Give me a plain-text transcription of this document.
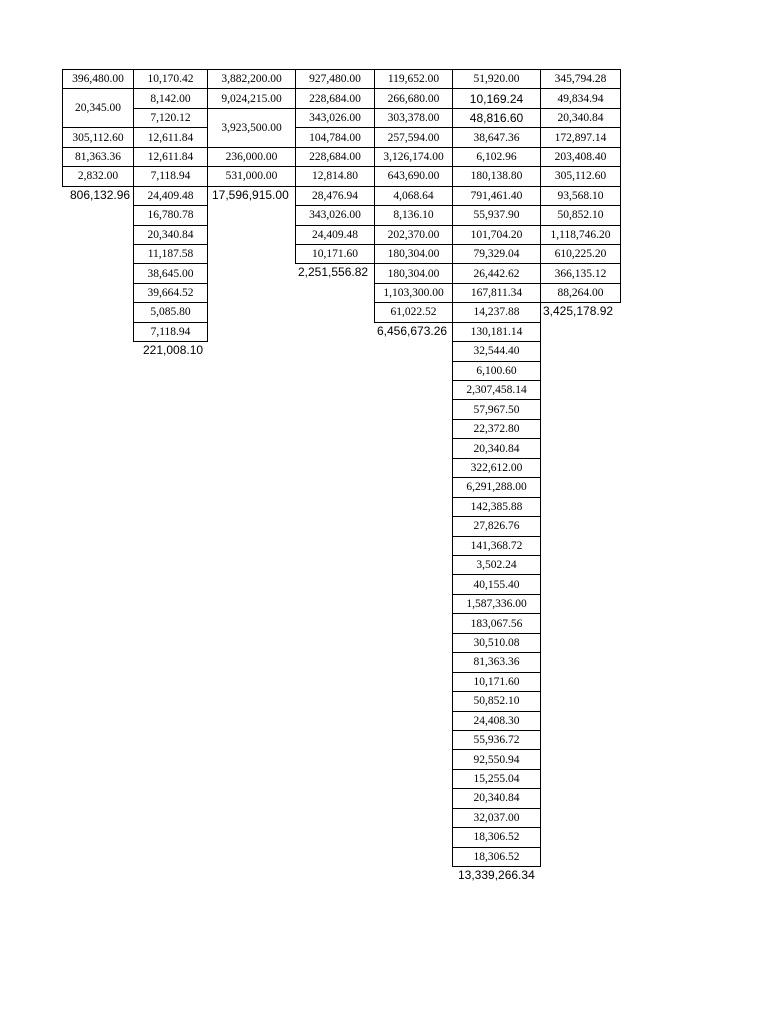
396,480.00
20,345.00
305,112.60
81,363.36
2,832.00
806,132.96
10,170.42
8,142.00
7,120.12
12,611.84
12,611.84
7,118.94
24,409.48
16,780.78
20,340.84
11,187.58
38,645.00
39,664.52
5,085.80
7,118.94
221,008.10
3,882,200.00
9,024,215.00
3,923,500.00
236,000.00
531,000.00
17,596,915.00
927,480.00
228,684.00
343,026.00
104,784.00
228,684.00
12,814.80
28,476.94
343,026.00
24,409.48
10,171.60
2,251,556.82
119,652.00
266,680.00
303,378.00
257,594.00
3,126,174.00
643,690.00
4,068.64
8,136.10
202,370.00
180,304.00
180,304.00
1,103,300.00
61,022.52
6,456,673.26
51,920.00
10,169.24
48,816.60
38,647.36
6,102.96
180,138.80
791,461.40
55,937.90
101,704.20
79,329.04
26,442.62
167,811.34
14,237.88
130,181.14
32,544.40
6,100.60
2,307,458.14
57,967.50
22,372.80
20,340.84
322,612.00
6,291,288.00
142,385.88
27,826.76
141,368.72
3,502.24
40,155.40
1,587,336.00
183,067.56
30,510.08
81,363.36
10,171.60
50,852.10
24,408.30
55,936.72
92,550.94
15,255.04
20,340.84
32,037.00
18,306.52
18,306.52
13,339,266.34
345,794.28
49,834.94
20,340.84
172,897.14
203,408.40
305,112.60
93,568.10
50,852.10
1,118,746.20
610,225.20
366,135.12
88,264.00
3,425,178.92
